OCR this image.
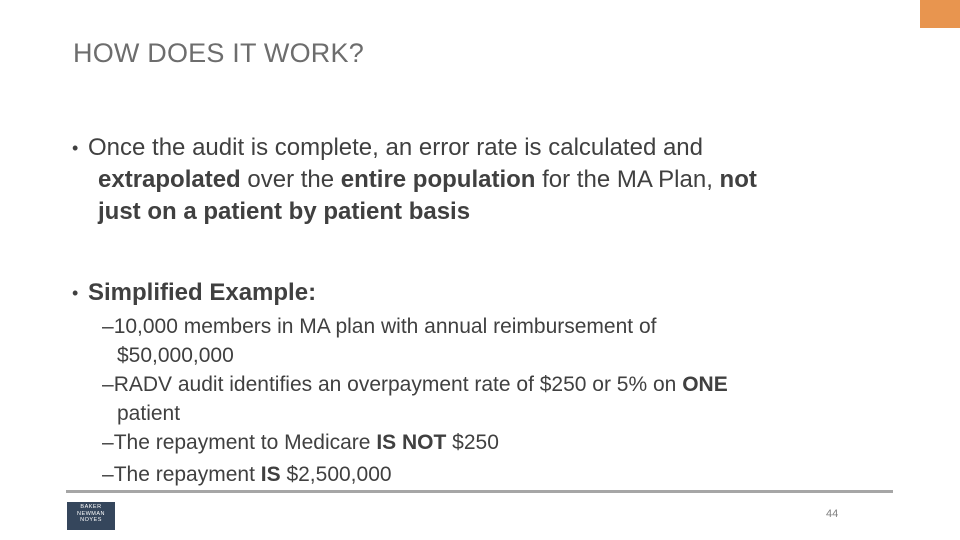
HOW DOES IT WORK?
• Once the audit is complete, an error rate is calculated and
extrapolated over the entire population for the MA Plan, not
just on a patient by patient basis
• Simplified Example:
–10,000 members in MA plan with annual reimbursement of
$50,000,000
–RADV audit identifies an overpayment rate of $250 or 5% on ONE
patient
–The repayment to Medicare IS NOT $250
–The repayment IS $2,500,000
BAKER
NEWMAN
NOYES	44
